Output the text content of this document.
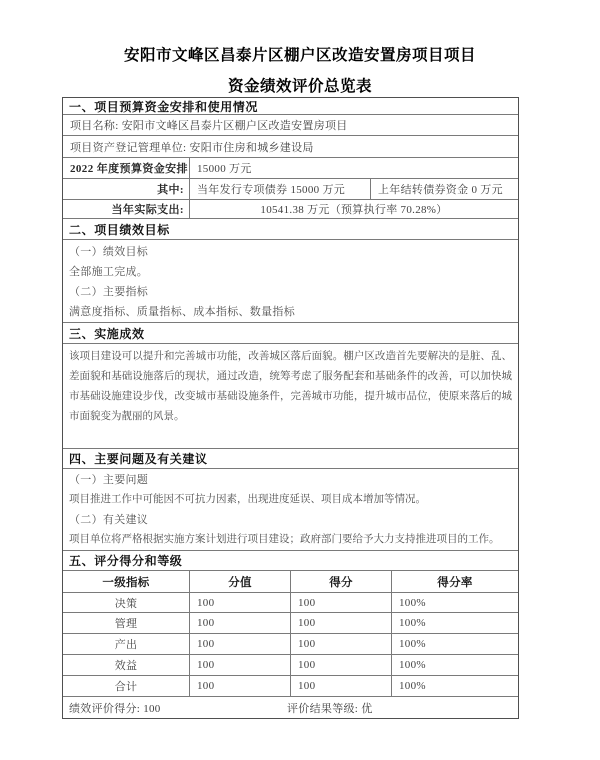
安阳市文峰区昌泰片区棚户区改造安置房项目项目
资金绩效评价总览表
一、项目预算资金安排和使用情况
项目名称: 安阳市文峰区昌泰片区棚户区改造安置房项目
项目资产登记管理单位: 安阳市住房和城乡建设局
2022 年度预算资金安排 15000 万元
其中:	当年发行专项债券 15000 万元	上年结转债券资金 0 万元
当年实际支出:	10541.38 万元（预算执行率 70.28%）
二、项目绩效目标
（一）绩效目标
全部施工完成。
（二）主要指标
满意度指标、质量指标、成本指标、数量指标
三、实施成效
该项目建设可以提升和完善城市功能，改善城区落后面貌。棚户区改造首先要解决的是脏、乱、差面貌和基础设施落后的现状，通过改造，统筹考虑了服务配套和基础条件的改善，可以加快城市基础设施建设步伐，改变城市基础设施条件，完善城市功能，提升城市品位，使原来落后的城市面貌变为靓丽的风景。
四、主要问题及有关建议
（一）主要问题
项目推进工作中可能因不可抗力因素，出现进度延误、项目成本增加等情况。
（二）有关建议
项目单位将严格根据实施方案计划进行项目建设；政府部门要给予大力支持推进项目的工作。
五、评分得分和等级
一级指标	分值	得分	得分率
决策	100	100	100%
管理	100	100	100%
产出	100	100	100%
效益	100	100	100%
合计	100	100	100%
绩效评价得分: 100	评价结果等级: 优
